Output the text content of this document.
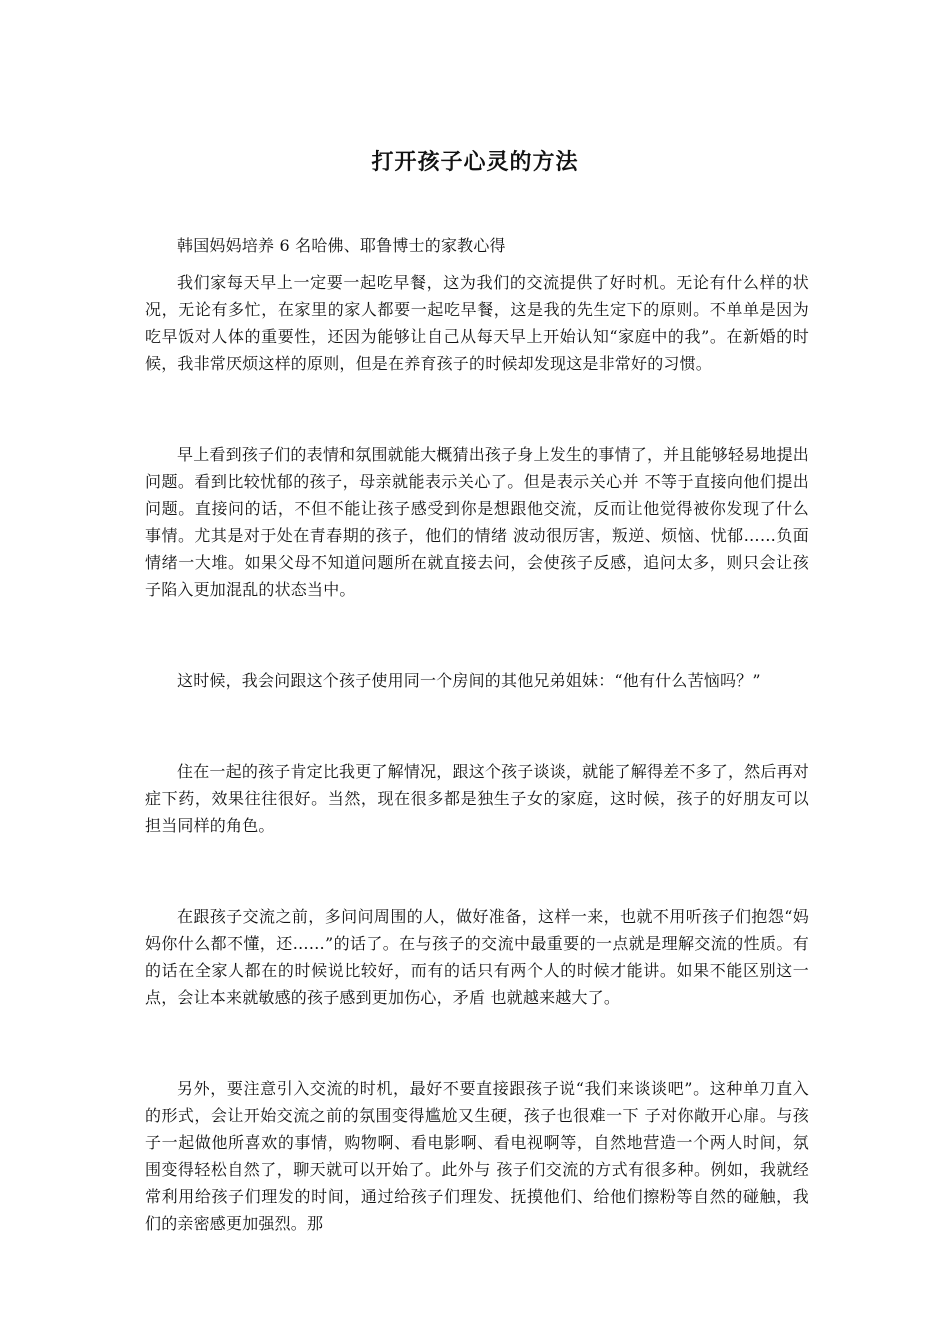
打开孩子心灵的方法

韩国妈妈培养 6 名哈佛、耶鲁博士的家教心得

我们家每天早上一定要一起吃早餐，这为我们的交流提供了好时机。无论有什么样的状况，无论有多忙，在家里的家人都要一起吃早餐，这是我的先生定下的原则。不单单是因为吃早饭对人体的重要性，还因为能够让自己从每天早上开始认知“家庭中的我”。在新婚的时候，我非常厌烦这样的原则，但是在养育孩子的时候却发现这是非常好的习惯。

早上看到孩子们的表情和氛围就能大概猜出孩子身上发生的事情了，并且能够轻易地提出问题。看到比较忧郁的孩子，母亲就能表示关心了。但是表示关心并 不等于直接向他们提出问题。直接问的话，不但不能让孩子感受到你是想跟他交流，反而让他觉得被你发现了什么事情。尤其是对于处在青春期的孩子，他们的情绪 波动很厉害，叛逆、烦恼、忧郁……负面情绪一大堆。如果父母不知道问题所在就直接去问，会使孩子反感，追问太多，则只会让孩子陷入更加混乱的状态当中。

这时候，我会问跟这个孩子使用同一个房间的其他兄弟姐妹：“他有什么苦恼吗？”

住在一起的孩子肯定比我更了解情况，跟这个孩子谈谈，就能了解得差不多了，然后再对症下药，效果往往很好。当然，现在很多都是独生子女的家庭，这时候，孩子的好朋友可以担当同样的角色。

在跟孩子交流之前，多问问周围的人，做好准备，这样一来，也就不用听孩子们抱怨“妈妈你什么都不懂，还……”的话了。在与孩子的交流中最重要的一点就是理解交流的性质。有的话在全家人都在的时候说比较好，而有的话只有两个人的时候才能讲。如果不能区别这一点，会让本来就敏感的孩子感到更加伤心，矛盾 也就越来越大了。

另外，要注意引入交流的时机，最好不要直接跟孩子说“我们来谈谈吧”。这种单刀直入的形式，会让开始交流之前的氛围变得尴尬又生硬，孩子也很难一下 子对你敞开心扉。与孩子一起做他所喜欢的事情，购物啊、看电影啊、看电视啊等，自然地营造一个两人时间，氛围变得轻松自然了，聊天就可以开始了。此外与 孩子们交流的方式有很多种。例如，我就经常利用给孩子们理发的时间，通过给孩子们理发、抚摸他们、给他们擦粉等自然的碰触，我们的亲密感更加强烈。那
